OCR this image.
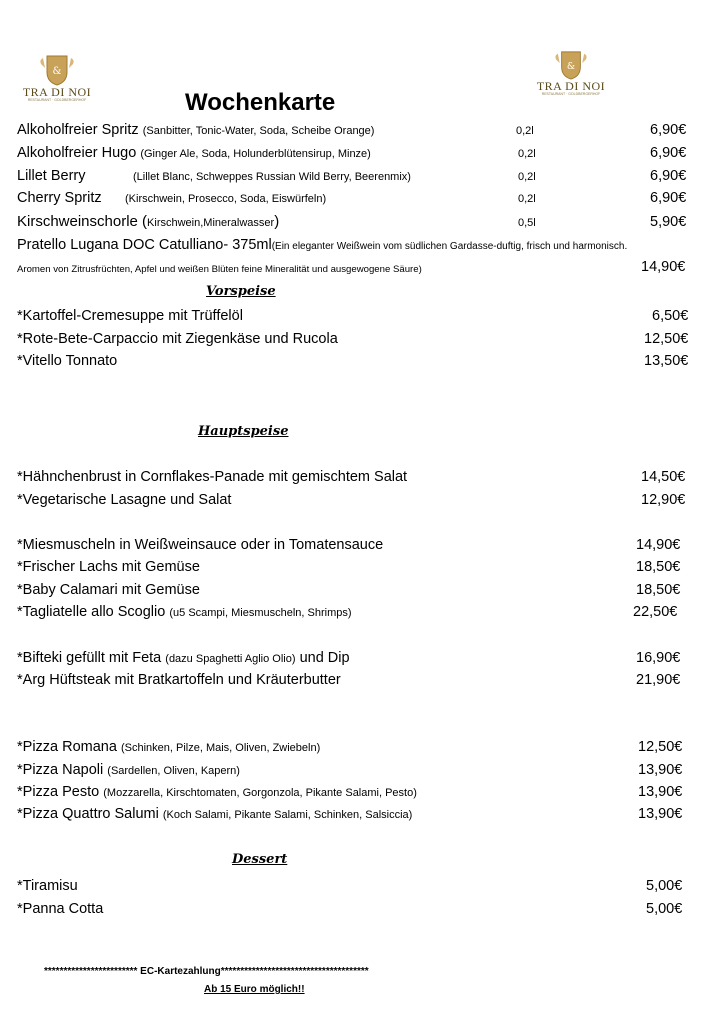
&
TRA DI NOI
RESTAURANT · GOLDBERGERHOF
&
TRA DI NOI
RESTAURANT · GOLDBERGERHOF
Wochenkarte
Alkoholfreier Spritz (Sanbitter, Tonic-Water, Soda, Scheibe Orange)	0,2l	6,90€
Alkoholfreier Hugo (Ginger Ale, Soda, Holunderblütensirup, Minze)	0,2l	6,90€
Lillet Berry	(Lillet Blanc, Schweppes Russian Wild Berry, Beerenmix)	0,2l	6,90€
Cherry Spritz (Kirschwein, Prosecco, Soda, Eiswürfeln)	0,2l	6,90€
Kirschweinschorle (Kirschwein,Mineralwasser)	0,5l	5,90€
Pratello Lugana DOC Catulliano- 375ml(Ein eleganter Weißwein vom südlichen Gardasse-duftig, frisch und harmonisch.
Aromen von Zitrusfrüchten, Apfel und weißen Blüten feine Mineralität und ausgewogene Säure)	14,90€
Vorspeise
*Kartoffel-Cremesuppe mit Trüffelöl	6,50€
*Rote-Bete-Carpaccio mit Ziegenkäse und Rucola	12,50€
*Vitello Tonnato	13,50€
Hauptspeise
*Hähnchenbrust in Cornflakes-Panade mit gemischtem Salat	14,50€
*Vegetarische Lasagne und Salat	12,90€
*Miesmuscheln in Weißweinsauce oder in Tomatensauce	14,90€
*Frischer Lachs mit Gemüse	18,50€
*Baby Calamari mit Gemüse	18,50€
*Tagliatelle allo Scoglio (u5 Scampi, Miesmuscheln, Shrimps)	22,50€
*Bifteki gefüllt mit Feta (dazu Spaghetti Aglio Olio) und Dip	16,90€
*Arg Hüftsteak mit Bratkartoffeln und Kräuterbutter	21,90€
*Pizza Romana (Schinken, Pilze, Mais, Oliven, Zwiebeln)	12,50€
*Pizza Napoli (Sardellen, Oliven, Kapern)	13,90€
*Pizza Pesto (Mozzarella, Kirschtomaten, Gorgonzola, Pikante Salami, Pesto)	13,90€
*Pizza Quattro Salumi (Koch Salami, Pikante Salami, Schinken, Salsiccia)	13,90€
Dessert
*Tiramisu	5,00€
*Panna Cotta	5,00€
************************ EC-Kartezahlung**************************************
Ab 15 Euro möglich!!
